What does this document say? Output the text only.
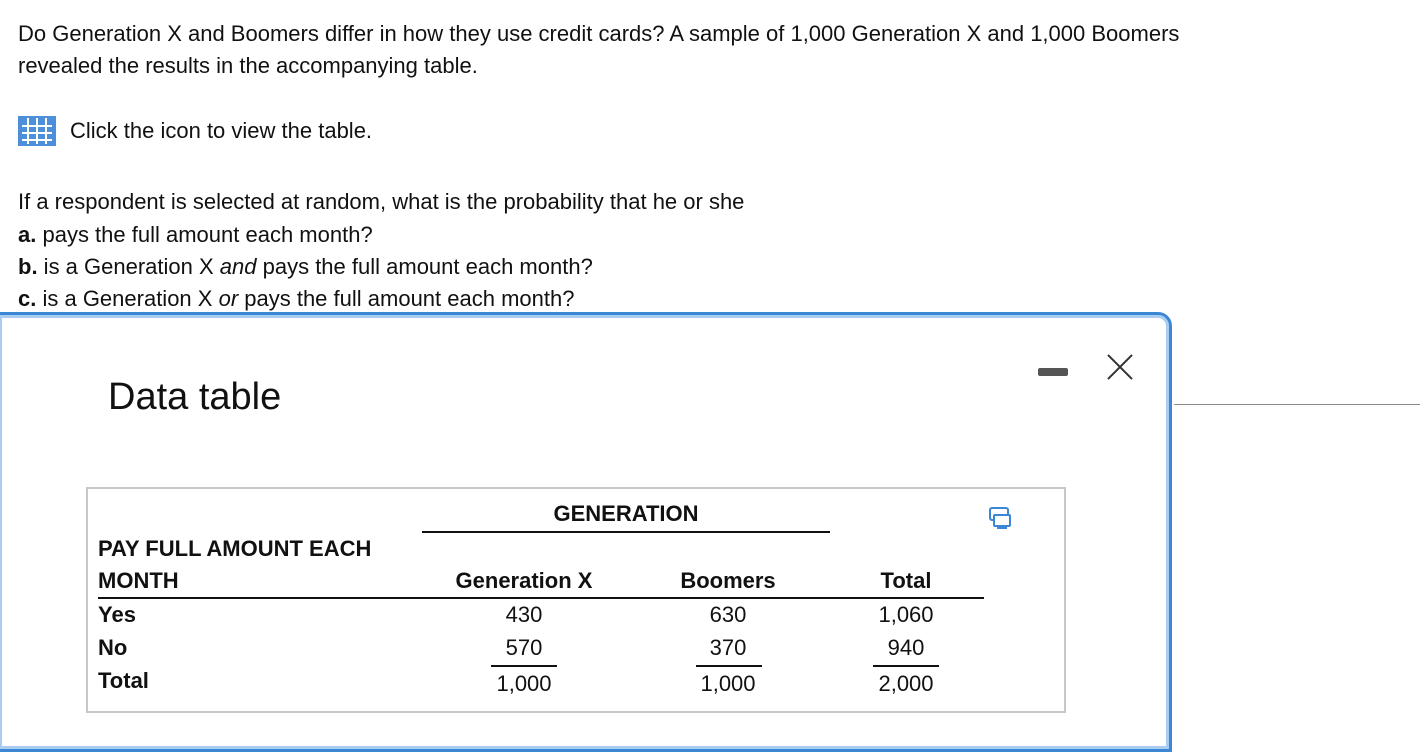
Do Generation X and Boomers differ in how they use credit cards? A sample of 1,000 Generation X and 1,000 Boomers
revealed the results in the accompanying table.
Click the icon to view the table.
If a respondent is selected at random, what is the probability that he or she
a. pays the full amount each month?
b. is a Generation X and pays the full amount each month?
c. is a Generation X or pays the full amount each month?
Data table
GENERATION
PAY FULL AMOUNT EACH
MONTH	Generation X	Boomers	Total
Yes	430	630	1,060
No	570	370	940
Total	1,000	1,000	2,000
